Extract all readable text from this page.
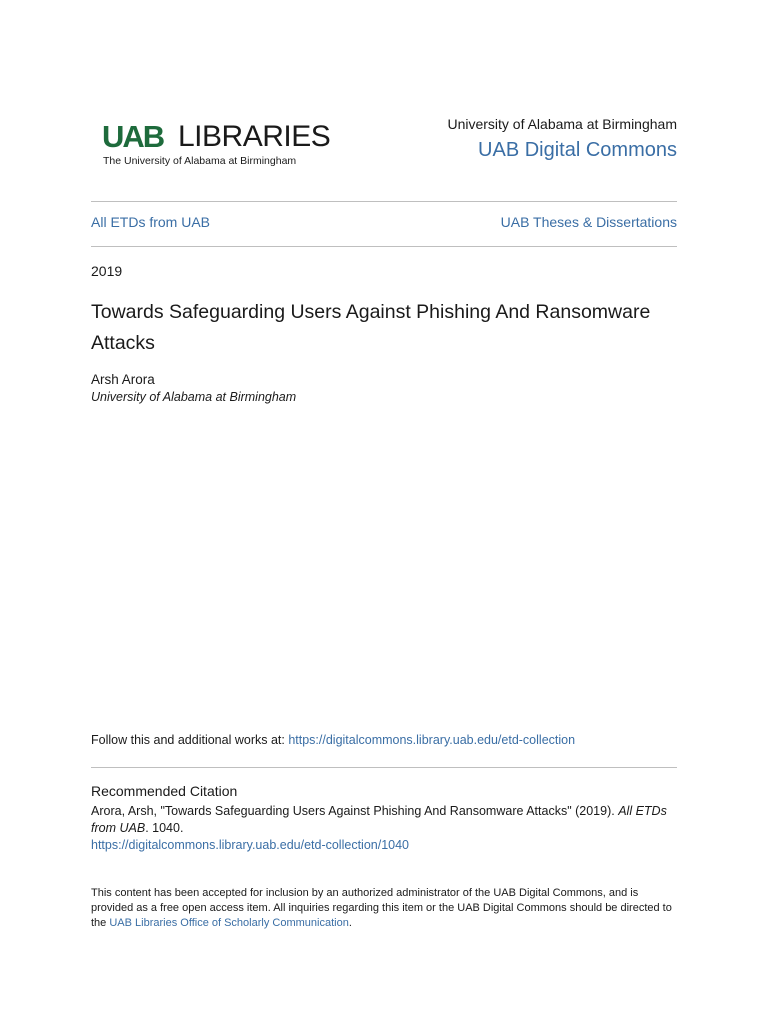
UAB LIBRARIES
The University of Alabama at Birmingham
University of Alabama at Birmingham
UAB Digital Commons
All ETDs from UAB	UAB Theses & Dissertations
2019
Towards Safeguarding Users Against Phishing And Ransomware Attacks
Arsh Arora
University of Alabama at Birmingham
Follow this and additional works at: https://digitalcommons.library.uab.edu/etd-collection
Recommended Citation
Arora, Arsh, "Towards Safeguarding Users Against Phishing And Ransomware Attacks" (2019). All ETDs from UAB. 1040.
https://digitalcommons.library.uab.edu/etd-collection/1040
This content has been accepted for inclusion by an authorized administrator of the UAB Digital Commons, and is provided as a free open access item. All inquiries regarding this item or the UAB Digital Commons should be directed to the UAB Libraries Office of Scholarly Communication.
